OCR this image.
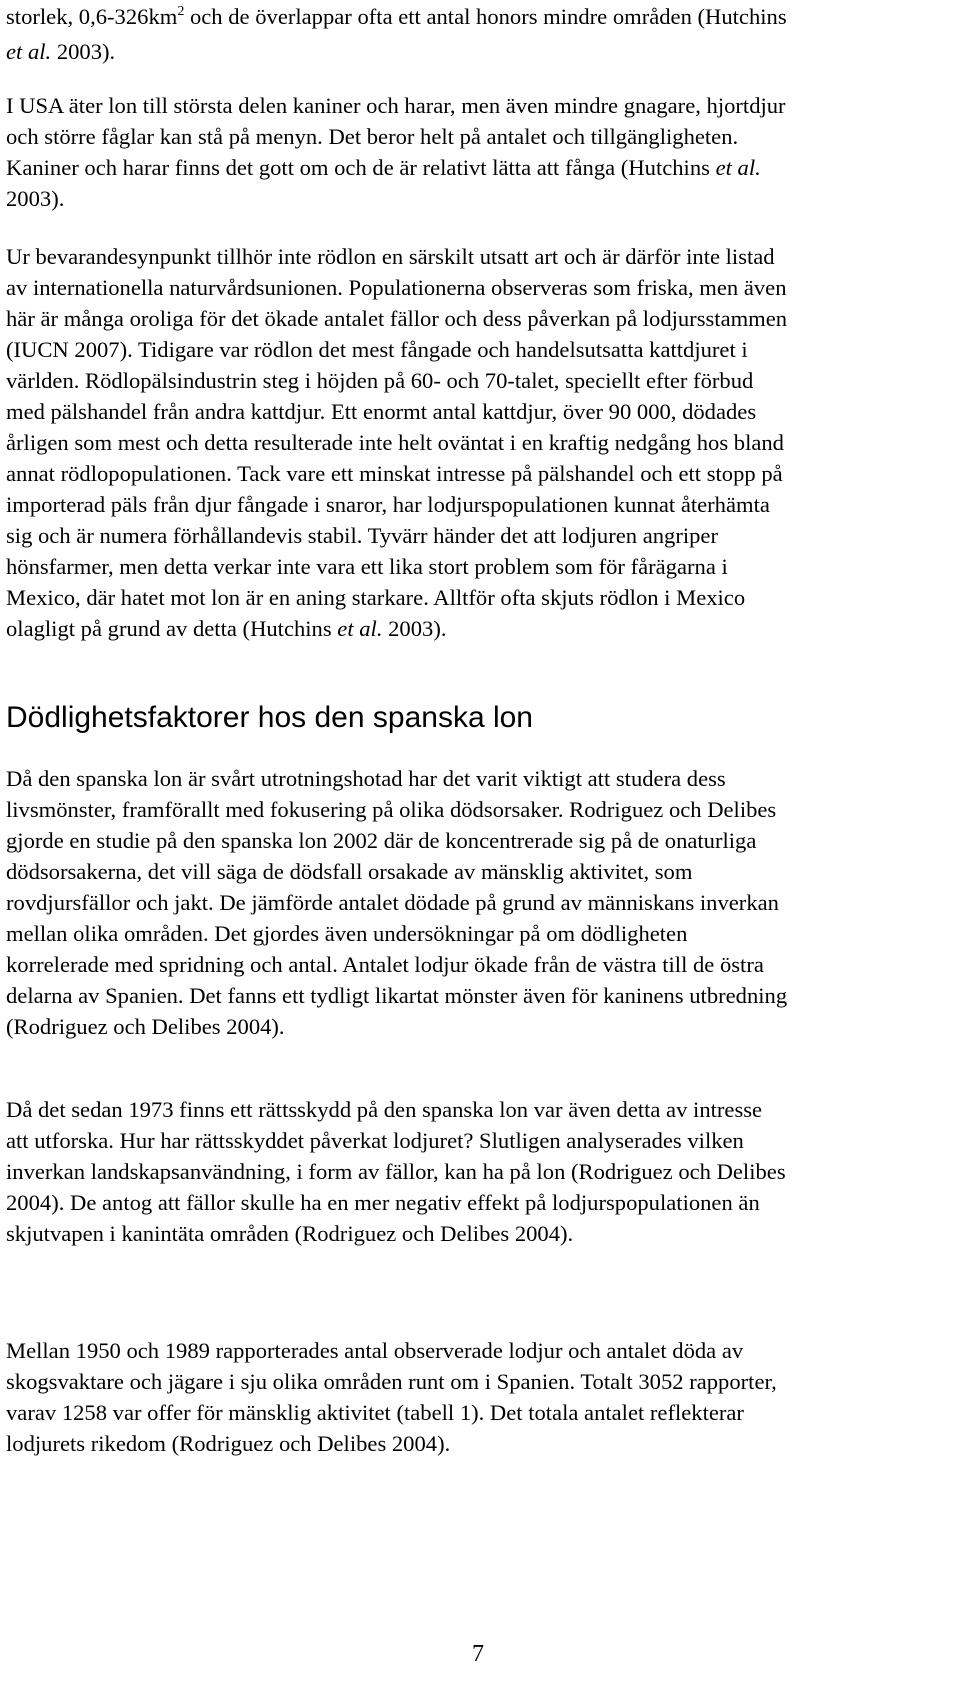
storlek, $0,6-326km^2$ och de överlappar ofta ett antal honors mindre områden (Hutchins
et al. 2003).

I USA äter lon till största delen kaniner och harar, men även mindre gnagare, hjortdjur
och större fåglar kan stå på menyn. Det beror helt på antalet och tillgängligheten.
Kaniner och harar finns det gott om och de är relativt lätta att fånga (Hutchins et al.
2003).

Ur bevarandesynpunkt tillhör inte rödlon en särskilt utsatt art och är därför inte listad
av internationella naturvårdsunionen. Populationerna observeras som friska, men även
här är många oroliga för det ökade antalet fällor och dess påverkan på lodjursstammen
(IUCN 2007). Tidigare var rödlon det mest fångade och handelsutsatta kattdjuret i
världen. Rödlopälsindustrin steg i höjden på 60- och 70-talet, speciellt efter förbud
med pälshandel från andra kattdjur. Ett enormt antal kattdjur, över 90 000, dödades
årligen som mest och detta resulterade inte helt oväntat i en kraftig nedgång hos bland
annat rödlopopulationen. Tack vare ett minskat intresse på pälshandel och ett stopp på
importerad päls från djur fångade i snaror, har lodjurspopulationen kunnat återhämta
sig och är numera förhållandevis stabil. Tyvärr händer det att lodjuren angriper
hönsfarmer, men detta verkar inte vara ett lika stort problem som för fårägarna i
Mexico, där hatet mot lon är en aning starkare. Alltför ofta skjuts rödlon i Mexico
olagligt på grund av detta (Hutchins et al. 2003).

Dödlighetsfaktorer hos den spanska lon

Då den spanska lon är svårt utrotningshotad har det varit viktigt att studera dess
livsmönster, framförallt med fokusering på olika dödsorsaker. Rodriguez och Delibes
gjorde en studie på den spanska lon 2002 där de koncentrerade sig på de onaturliga
dödsorsakerna, det vill säga de dödsfall orsakade av mänsklig aktivitet, som
rovdjursfällor och jakt. De jämförde antalet dödade på grund av människans inverkan
mellan olika områden. Det gjordes även undersökningar på om dödligheten
korrelerade med spridning och antal. Antalet lodjur ökade från de västra till de östra
delarna av Spanien. Det fanns ett tydligt likartat mönster även för kaninens utbredning
(Rodriguez och Delibes 2004).

Då det sedan 1973 finns ett rättsskydd på den spanska lon var även detta av intresse
att utforska. Hur har rättsskyddet påverkat lodjuret? Slutligen analyserades vilken
inverkan landskapsanvändning, i form av fällor, kan ha på lon (Rodriguez och Delibes
2004). De antog att fällor skulle ha en mer negativ effekt på lodjurspopulationen än
skjutvapen i kanintäta områden (Rodriguez och Delibes 2004).

Mellan 1950 och 1989 rapporterades antal observerade lodjur och antalet döda av
skogsvaktare och jägare i sju olika områden runt om i Spanien. Totalt 3052 rapporter,
varav 1258 var offer för mänsklig aktivitet (tabell 1). Det totala antalet reflekterar
lodjurets rikedom (Rodriguez och Delibes 2004).

7
